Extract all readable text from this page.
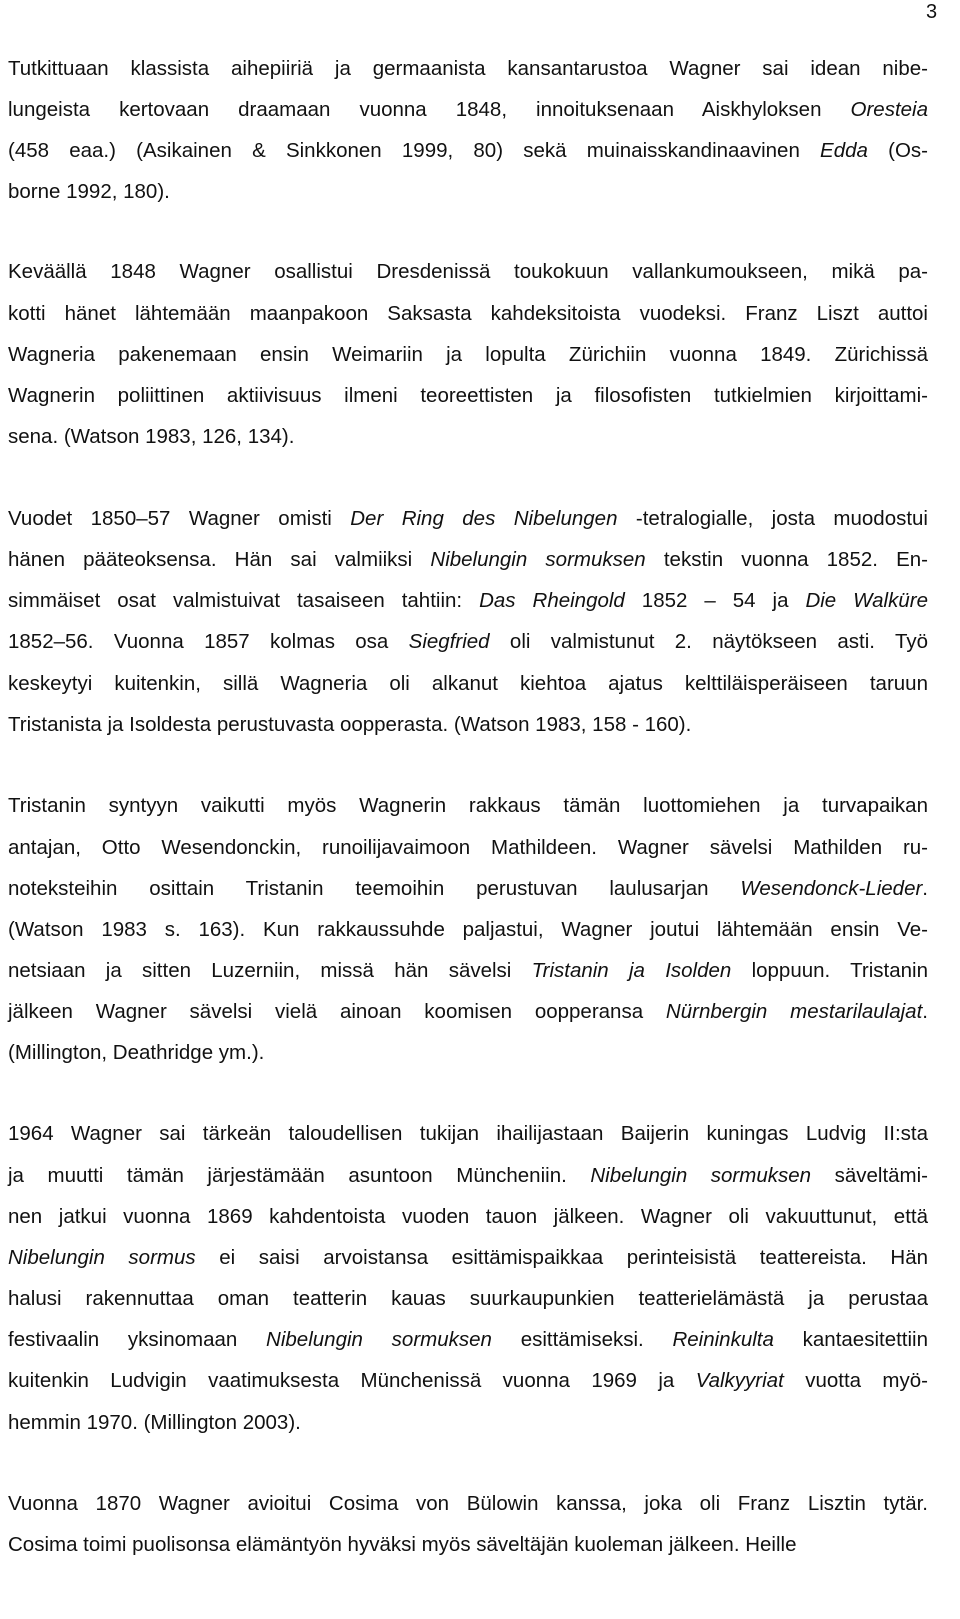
3
Tutkittuaan klassista aihepiiriä ja germaanista kansantarustoa Wagner sai idean nibe-
lungeista kertovaan draamaan vuonna 1848, innoituksenaan Aiskhyloksen Oresteia
(458 eaa.) (Asikainen & Sinkkonen 1999, 80) sekä muinaisskandinaavinen Edda (Os-
borne 1992, 180).
Keväällä 1848 Wagner osallistui Dresdenissä toukokuun vallankumoukseen, mikä pa-
kotti hänet lähtemään maanpakoon Saksasta kahdeksitoista vuodeksi. Franz Liszt auttoi
Wagneria pakenemaan ensin Weimariin ja lopulta Zürichiin vuonna 1849. Zürichissä
Wagnerin poliittinen aktiivisuus ilmeni teoreettisten ja filosofisten tutkielmien kirjoittami-
sena. (Watson 1983, 126, 134).
Vuodet 1850–57 Wagner omisti Der Ring des Nibelungen -tetralogialle, josta muodostui
hänen pääteoksensa. Hän sai valmiiksi Nibelungin sormuksen tekstin vuonna 1852. En-
simmäiset osat valmistuivat tasaiseen tahtiin: Das Rheingold 1852 – 54 ja Die Walküre
1852–56. Vuonna 1857 kolmas osa Siegfried oli valmistunut 2. näytökseen asti. Työ
keskeytyi kuitenkin, sillä Wagneria oli alkanut kiehtoa ajatus kelttiläisperäiseen taruun
Tristanista ja Isoldesta perustuvasta oopperasta. (Watson 1983, 158 - 160).
Tristanin syntyyn vaikutti myös Wagnerin rakkaus tämän luottomiehen ja turvapaikan
antajan, Otto Wesendonckin, runoilijavaimoon Mathildeen. Wagner sävelsi Mathilden ru-
noteksteihin osittain Tristanin teemoihin perustuvan laulusarjan Wesendonck-Lieder.
(Watson 1983 s. 163). Kun rakkaussuhde paljastui, Wagner joutui lähtemään ensin Ve-
netsiaan ja sitten Luzerniin, missä hän sävelsi Tristanin ja Isolden loppuun. Tristanin
jälkeen Wagner sävelsi vielä ainoan koomisen oopperansa Nürnbergin mestarilaulajat.
(Millington, Deathridge ym.).
1964 Wagner sai tärkeän taloudellisen tukijan ihailijastaan Baijerin kuningas Ludvig II:sta
ja muutti tämän järjestämään asuntoon Müncheniin. Nibelungin sormuksen säveltämi-
nen jatkui vuonna 1869 kahdentoista vuoden tauon jälkeen. Wagner oli vakuuttunut, että
Nibelungin sormus ei saisi arvoistansa esittämispaikkaa perinteisistä teattereista. Hän
halusi rakennuttaa oman teatterin kauas suurkaupunkien teatterielämästä ja perustaa
festivaalin yksinomaan Nibelungin sormuksen esittämiseksi. Reininkulta kantaesitettiin
kuitenkin Ludvigin vaatimuksesta Münchenissä vuonna 1969 ja Valkyyriat vuotta myö-
hemmin 1970. (Millington 2003).
Vuonna 1870 Wagner avioitui Cosima von Bülowin kanssa, joka oli Franz Lisztin tytär.
Cosima toimi puolisonsa elämäntyön hyväksi myös säveltäjän kuoleman jälkeen. Heille
